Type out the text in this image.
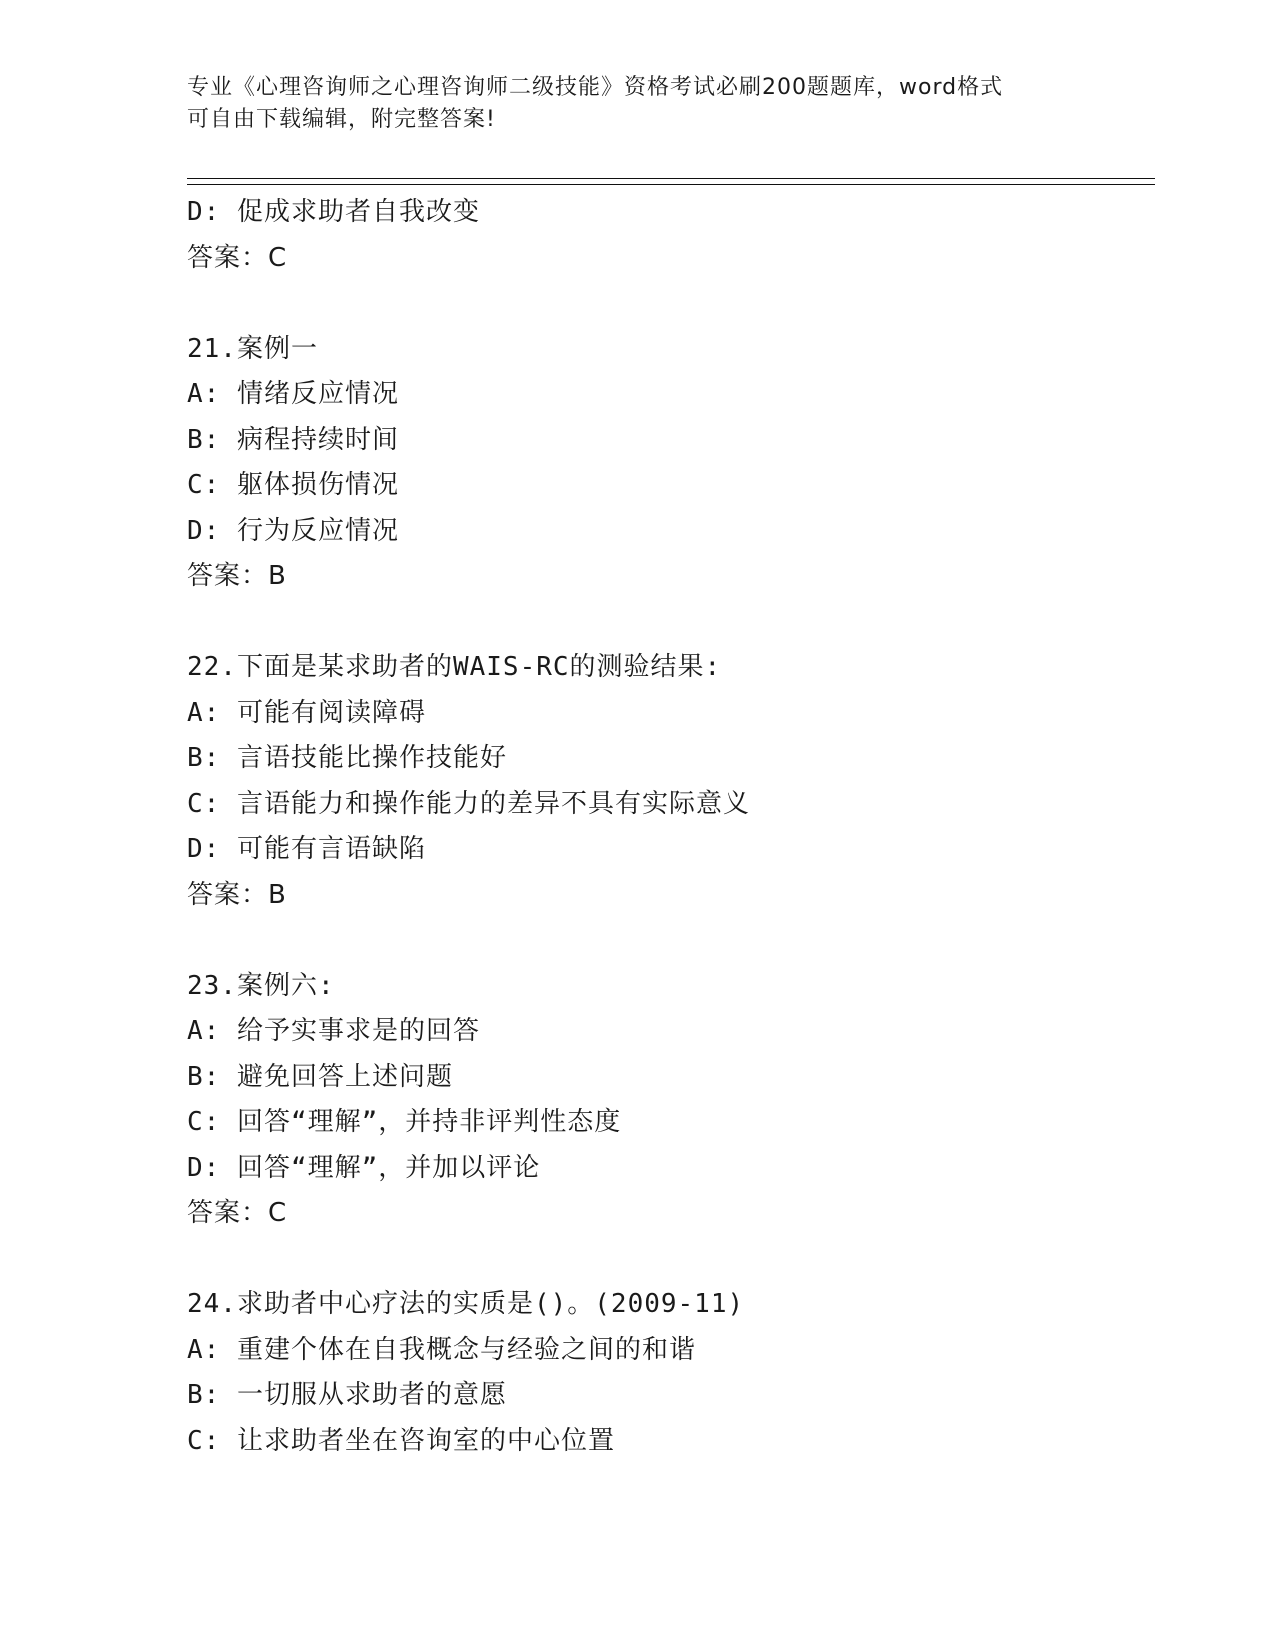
专业《心理咨询师之心理咨询师二级技能》资格考试必刷200题题库，word格式
可自由下载编辑，附完整答案!
D: 促成求助者自我改变
答案：C
21.案例一
A: 情绪反应情况
B: 病程持续时间
C: 躯体损伤情况
D: 行为反应情况
答案：B
22.下面是某求助者的WAIS-RC的测验结果:
A: 可能有阅读障碍
B: 言语技能比操作技能好
C: 言语能力和操作能力的差异不具有实际意义
D: 可能有言语缺陷
答案：B
23.案例六:
A: 给予实事求是的回答
B: 避免回答上述问题
C: 回答“理解”，并持非评判性态度
D: 回答“理解”，并加以评论
答案：C
24.求助者中心疗法的实质是()。(2009-11)
A: 重建个体在自我概念与经验之间的和谐
B: 一切服从求助者的意愿
C: 让求助者坐在咨询室的中心位置
